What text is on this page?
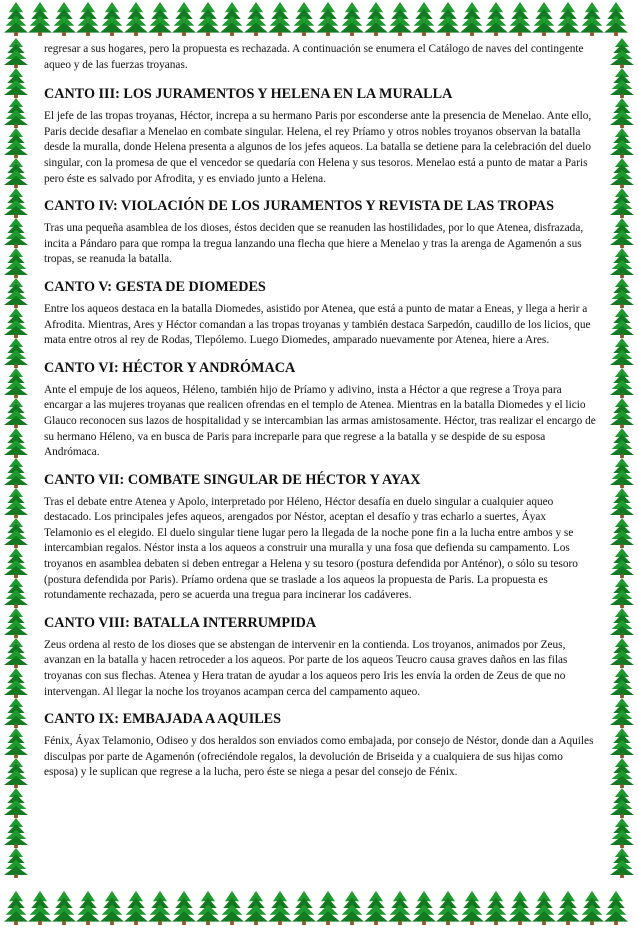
regresar a sus hogares, pero la propuesta es rechazada. A continuación se enumera el Catálogo de naves del contingente aqueo y de las fuerzas troyanas.

CANTO III: LOS JURAMENTOS Y HELENA EN LA MURALLA

El jefe de las tropas troyanas, Héctor, increpa a su hermano Paris por esconderse ante la presencia de Menelao. Ante ello, Paris decide desafiar a Menelao en combate singular. Helena, el rey Príamo y otros nobles troyanos observan la batalla desde la muralla, donde Helena presenta a algunos de los jefes aqueos. La batalla se detiene para la celebración del duelo singular, con la promesa de que el vencedor se quedaría con Helena y sus tesoros. Menelao está a punto de matar a Paris pero éste es salvado por Afrodita, y es enviado junto a Helena.

CANTO IV: VIOLACIÓN DE LOS JURAMENTOS Y REVISTA DE LAS TROPAS

Tras una pequeña asamblea de los dioses, éstos deciden que se reanuden las hostilidades, por lo que Atenea, disfrazada, incita a Pándaro para que rompa la tregua lanzando una flecha que hiere a Menelao y tras la arenga de Agamenón a sus tropas, se reanuda la batalla.

CANTO V: GESTA DE DIOMEDES

Entre los aqueos destaca en la batalla Diomedes, asistido por Atenea, que está a punto de matar a Eneas, y llega a herir a Afrodita. Mientras, Ares y Héctor comandan a las tropas troyanas y también destaca Sarpedón, caudillo de los licios, que mata entre otros al rey de Rodas, Tlepólemo. Luego Diomedes, amparado nuevamente por Atenea, hiere a Ares.

CANTO VI: HÉCTOR Y ANDRÓMACA

Ante el empuje de los aqueos, Héleno, también hijo de Príamo y adivino, insta a Héctor a que regrese a Troya para encargar a las mujeres troyanas que realicen ofrendas en el templo de Atenea. Mientras en la batalla Diomedes y el licio Glauco reconocen sus lazos de hospitalidad y se intercambian las armas amistosamente. Héctor, tras realizar el encargo de su hermano Héleno, va en busca de Paris para increparle para que regrese a la batalla y se despide de su esposa Andrómaca.

CANTO VII: COMBATE SINGULAR DE HÉCTOR Y AYAX

Tras el debate entre Atenea y Apolo, interpretado por Héleno, Héctor desafía en duelo singular a cualquier aqueo destacado. Los principales jefes aqueos, arengados por Néstor, aceptan el desafío y tras echarlo a suertes, Áyax Telamonio es el elegido. El duelo singular tiene lugar pero la llegada de la noche pone fin a la lucha entre ambos y se intercambian regalos. Néstor insta a los aqueos a construir una muralla y una fosa que defienda su campamento. Los troyanos en asamblea debaten si deben entregar a Helena y su tesoro (postura defendida por Anténor), o sólo su tesoro (postura defendida por Paris). Príamo ordena que se traslade a los aqueos la propuesta de Paris. La propuesta es rotundamente rechazada, pero se acuerda una tregua para incinerar los cadáveres.

CANTO VIII: BATALLA INTERRUMPIDA

Zeus ordena al resto de los dioses que se abstengan de intervenir en la contienda. Los troyanos, animados por Zeus, avanzan en la batalla y hacen retroceder a los aqueos. Por parte de los aqueos Teucro causa graves daños en las filas troyanas con sus flechas. Atenea y Hera tratan de ayudar a los aqueos pero Iris les envía la orden de Zeus de que no intervengan. Al llegar la noche los troyanos acampan cerca del campamento aqueo.

CANTO IX: EMBAJADA A AQUILES

Fénix, Áyax Telamonio, Odiseo y dos heraldos son enviados como embajada, por consejo de Néstor, donde dan a Aquiles disculpas por parte de Agamenón (ofreciéndole regalos, la devolución de Briseida y a cualquiera de sus hijas como esposa) y le suplican que regrese a la lucha, pero éste se niega a pesar del consejo de Fénix.
